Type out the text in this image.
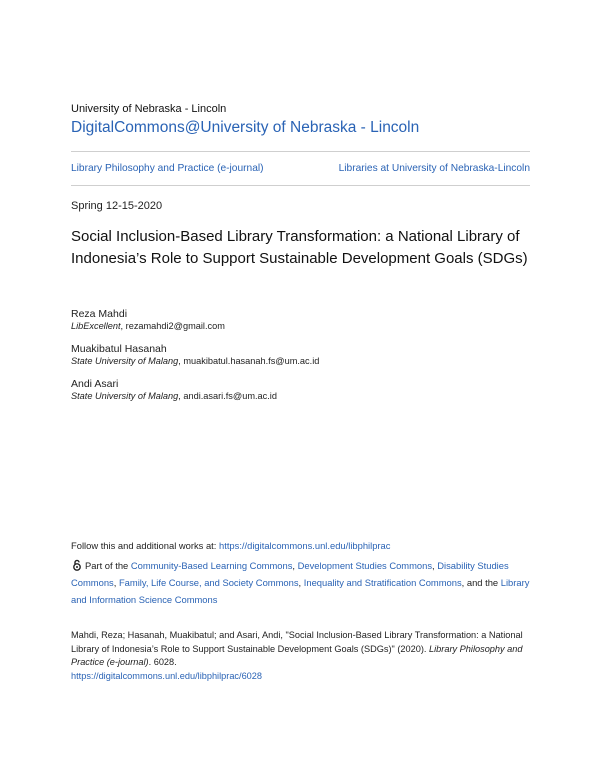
University of Nebraska - Lincoln
DigitalCommons@University of Nebraska - Lincoln
Library Philosophy and Practice (e-journal)	Libraries at University of Nebraska-Lincoln
Spring 12-15-2020
Social Inclusion-Based Library Transformation: a National Library of Indonesia’s Role to Support Sustainable Development Goals (SDGs)
Reza Mahdi
LibExcellent, rezamahdi2@gmail.com
Muakibatul Hasanah
State University of Malang, muakibatul.hasanah.fs@um.ac.id
Andi Asari
State University of Malang, andi.asari.fs@um.ac.id
Follow this and additional works at: https://digitalcommons.unl.edu/libphilprac
Part of the Community-Based Learning Commons, Development Studies Commons, Disability Studies Commons, Family, Life Course, and Society Commons, Inequality and Stratification Commons, and the Library and Information Science Commons
Mahdi, Reza; Hasanah, Muakibatul; and Asari, Andi, "Social Inclusion-Based Library Transformation: a National Library of Indonesia’s Role to Support Sustainable Development Goals (SDGs)" (2020). Library Philosophy and Practice (e-journal). 6028.
https://digitalcommons.unl.edu/libphilprac/6028
